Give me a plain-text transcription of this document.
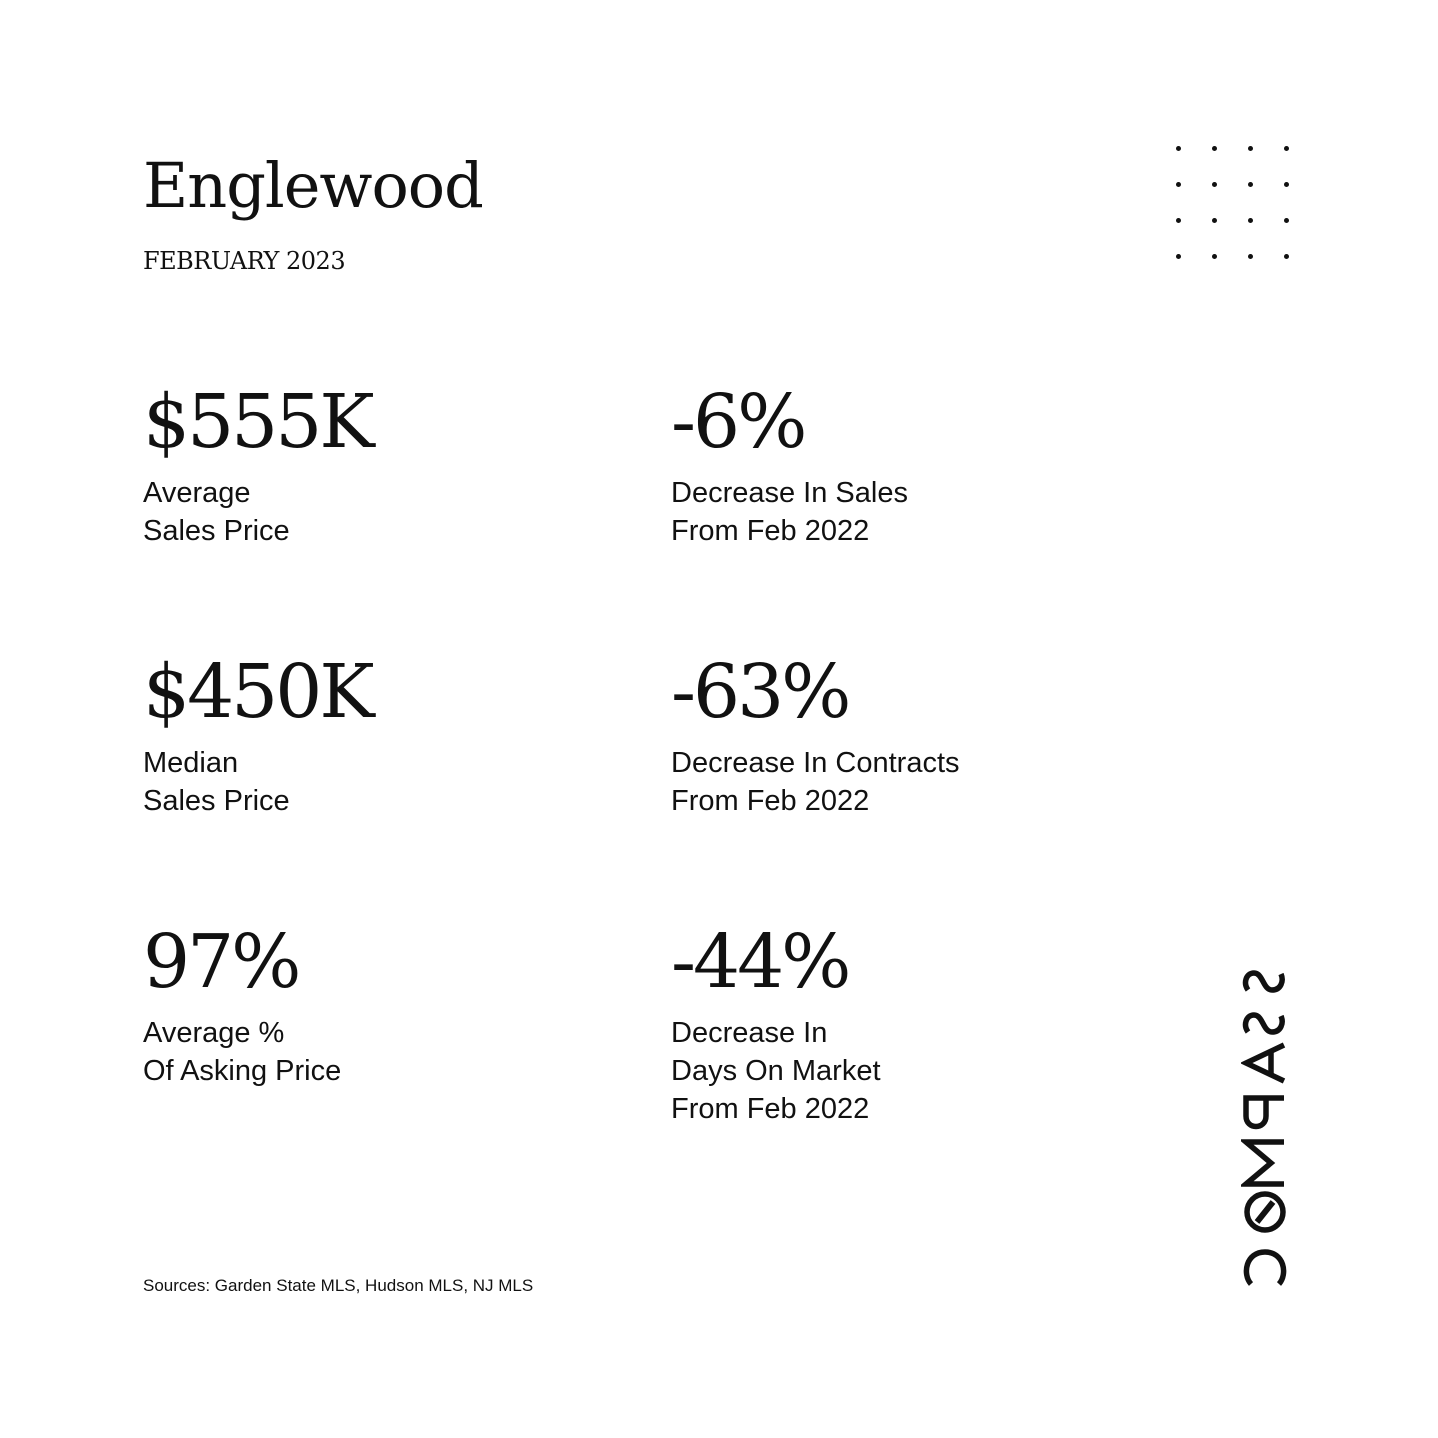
Englewood
FEBRUARY 2023
$555K
Average
Sales Price
-6%
Decrease In Sales
From Feb 2022
$450K
Median
Sales Price
-63%
Decrease In Contracts
From Feb 2022
97%
Average %
Of Asking Price
-44%
Decrease In
Days On Market
From Feb 2022
Sources: Garden State MLS, Hudson MLS, NJ MLS
